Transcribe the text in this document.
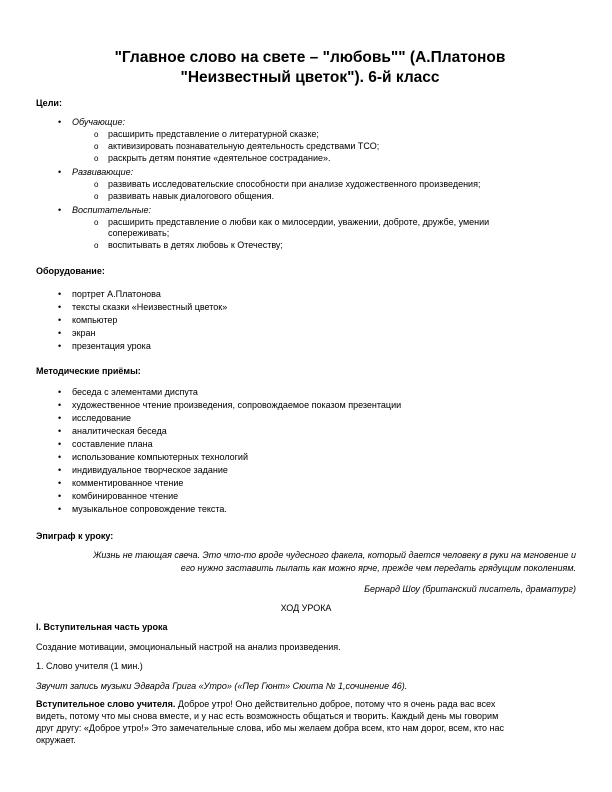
"Главное слово на свете – "любовь"" (А.Платонов
"Неизвестный цветок"). 6-й класс
Цели:
•	Обучающие:
o	расширить представление о литературной сказке;
o	активизировать познавательную деятельность средствами ТСО;
o	раскрыть детям понятие «деятельное сострадание».
•	Развивающие:
o	развивать исследовательские способности при анализе художественного произведения;
o	развивать навык диалогового общения.
•	Воспитательные:
o	расширить представление о любви как о милосердии, уважении, доброте, дружбе, умении
сопереживать;
o	воспитывать в детях любовь к Отечеству;
Оборудование:
•	портрет А.Платонова
•	тексты сказки «Неизвестный цветок»
•	компьютер
•	экран
•	презентация урока
Методические приёмы:
•	беседа с элементами диспута
•	художественное чтение произведения, сопровождаемое показом презентации
•	исследование
•	аналитическая беседа
•	составление плана
•	использование компьютерных технологий
•	индивидуальное творческое задание
•	комментированное чтение
•	комбинированное чтение
•	музыкальное сопровождение текста.
Эпиграф к уроку:
Жизнь не тающая свеча. Это что-то вроде чудесного факела, который дается человеку в руки на мгновение и
его нужно заставить пылать как можно ярче, прежде чем передать грядущим поколениям.
Бернард Шоу (британский писатель, драматург)
ХОД УРОКА
I. Вступительная часть урока
Создание мотивации, эмоциональный настрой на анализ произведения.
1. Слово учителя (1 мин.)
Звучит запись музыки Эдварда Грига «Утро» («Пер Гюнт» Сюита № 1,сочинение 46).
Вступительное слово учителя. Доброе утро! Оно действительно доброе, потому что я очень рада вас всех
видеть, потому что мы снова вместе, и у нас есть возможность общаться и творить. Каждый день мы говорим
друг другу: «Доброе утро!» Это замечательные слова, ибо мы желаем добра всем, кто нам дорог, всем, кто нас
окружает.
